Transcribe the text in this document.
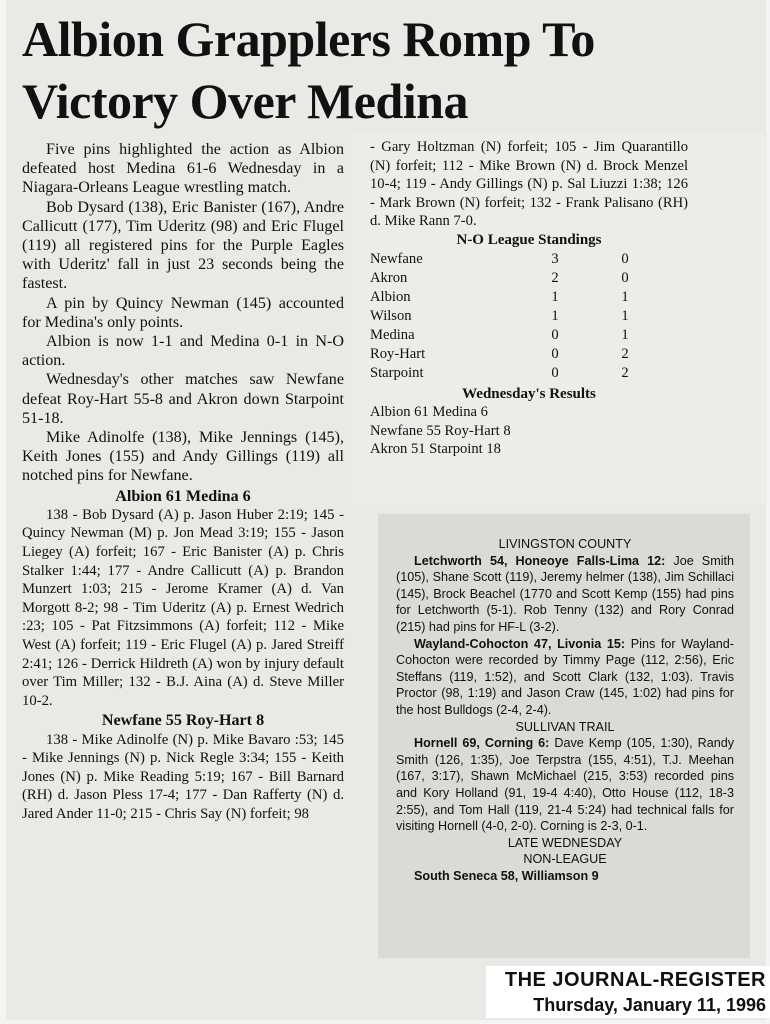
Albion Grapplers Romp To Victory Over Medina

Five pins highlighted the action as Albion defeated host Medina 61-6 Wednesday in a Niagara-Orleans League wrestling match.

Bob Dysard (138), Eric Banister (167), Andre Callicutt (177), Tim Uderitz (98) and Eric Flugel (119) all registered pins for the Purple Eagles with Uderitz' fall in just 23 seconds being the fastest.

A pin by Quincy Newman (145) accounted for Medina's only points.

Albion is now 1-1 and Medina 0-1 in N-O action.

Wednesday's other matches saw Newfane defeat Roy-Hart 55-8 and Akron down Starpoint 51-18.

Mike Adinolfe (138), Mike Jennings (145), Keith Jones (155) and Andy Gillings (119) all notched pins for Newfane.

Albion 61 Medina 6

138 - Bob Dysard (A) p. Jason Huber 2:19; 145 - Quincy Newman (M) p. Jon Mead 3:19; 155 - Jason Liegey (A) forfeit; 167 - Eric Banister (A) p. Chris Stalker 1:44; 177 - Andre Callicutt (A) p. Brandon Munzert 1:03; 215 - Jerome Kramer (A) d. Van Morgott 8-2; 98 - Tim Uderitz (A) p. Ernest Wedrich :23; 105 - Pat Fitzsimmons (A) forfeit; 112 - Mike West (A) forfeit; 119 - Eric Flugel (A) p. Jared Streiff 2:41; 126 - Derrick Hildreth (A) won by injury default over Tim Miller; 132 - B.J. Aina (A) d. Steve Miller 10-2.

Newfane 55 Roy-Hart 8

138 - Mike Adinolfe (N) p. Mike Bavaro :53; 145 - Mike Jennings (N) p. Nick Regle 3:34; 155 - Keith Jones (N) p. Mike Reading 5:19; 167 - Bill Barnard (RH) d. Jason Pless 17-4; 177 - Dan Rafferty (N) d. Jared Ander 11-0; 215 - Chris Say (N) forfeit; 98

- Gary Holtzman (N) forfeit; 105 - Jim Quarantillo (N) forfeit; 112 - Mike Brown (N) d. Brock Menzel 10-4; 119 - Andy Gillings (N) p. Sal Liuzzi 1:38; 126 - Mark Brown (N) forfeit; 132 - Frank Palisano (RH) d. Mike Rann 7-0.

N-O League Standings

Newfane	3	0
Akron	2	0
Albion	1	1
Wilson	1	1
Medina	0	1
Roy-Hart	0	2
Starpoint	0	2

Wednesday's Results

Albion 61 Medina 6

Newfane 55 Roy-Hart 8

Akron 51 Starpoint 18

LIVINGSTON COUNTY

Letchworth 54, Honeoye Falls-Lima 12: Joe Smith (105), Shane Scott (119), Jeremy helmer (138), Jim Schillaci (145), Brock Beachel (1770 and Scott Kemp (155) had pins for Letchworth (5-1). Rob Tenny (132) and Rory Conrad (215) had pins for HF-L (3-2).

Wayland-Cohocton 47, Livonia 15: Pins for Wayland-Cohocton were recorded by Timmy Page (112, 2:56), Eric Steffans (119, 1:52), and Scott Clark (132, 1:03). Travis Proctor (98, 1:19) and Jason Craw (145, 1:02) had pins for the host Bulldogs (2-4, 2-4).

SULLIVAN TRAIL

Hornell 69, Corning 6: Dave Kemp (105, 1:30), Randy Smith (126, 1:35), Joe Terpstra (155, 4:51), T.J. Meehan (167, 3:17), Shawn McMichael (215, 3:53) recorded pins and Kory Holland (91, 19-4 4:40), Otto House (112, 18-3 2:55), and Tom Hall (119, 21-4 5:24) had technical falls for visiting Hornell (4-0, 2-0). Corning is 2-3, 0-1.

LATE WEDNESDAY

NON-LEAGUE

South Seneca 58, Williamson 9

THE JOURNAL-REGISTER
Thursday, January 11, 1996
